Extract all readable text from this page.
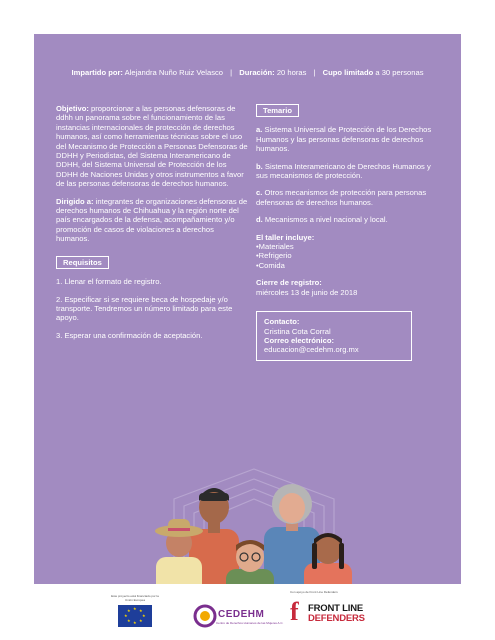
Impartido por: Alejandra Nuño Ruiz Velasco | Duración: 20 horas | Cupo limitado a 30 personas

Objetivo: proporcionar a las personas defensoras de ddhh un panorama sobre el funcionamiento de las instancias internacionales de protección de derechos humanos, así como herramientas técnicas sobre el uso del Mecanismo de Protección a Personas Defensoras de DDHH y Periodistas, del Sistema Interamericano de DDHH, del Sistema Universal de Protección de los DDHH de Naciones Unidas y otros instrumentos a favor de las personas defensoras de derechos humanos.

Dirigido a: integrantes de organizaciones defensoras de derechos humanos de Chihuahua y la región norte del país encargados de la defensa, acompañamiento y/o promoción de casos de violaciones a derechos humanos.

Requisitos

1. Llenar el formato de registro.

2. Especificar si se requiere beca de hospedaje y/o transporte. Tendremos un número limitado para este apoyo.

3. Esperar una confirmación de aceptación.

Temario

a. Sistema Universal de Protección de los Derechos Humanos y las personas defensoras de derechos humanos.

b. Sistema Interamericano de Derechos Humanos y sus mecanismos de protección.

c. Otros mecanismos de protección para personas defensoras de derechos humanos.

d. Mecanismos a nivel nacional y local.

El taller incluye:
•Materiales
•Refrigerio
•Comida
Cierre de registro:
miércoles 13 de junio de 2018
Contacto:
Cristina Cota Corral
Correo electrónico:
educacion@cedehm.org.mx
Este proyecto está financiado por la Unión Europea
★ ★
★
★
★
★
★
★	CEDEHM
Centro de Derechos Humanos de las Mujeres A.C.
Con apoyo de Front Line Defenders
f FRONT LINE
DEFENDERS
